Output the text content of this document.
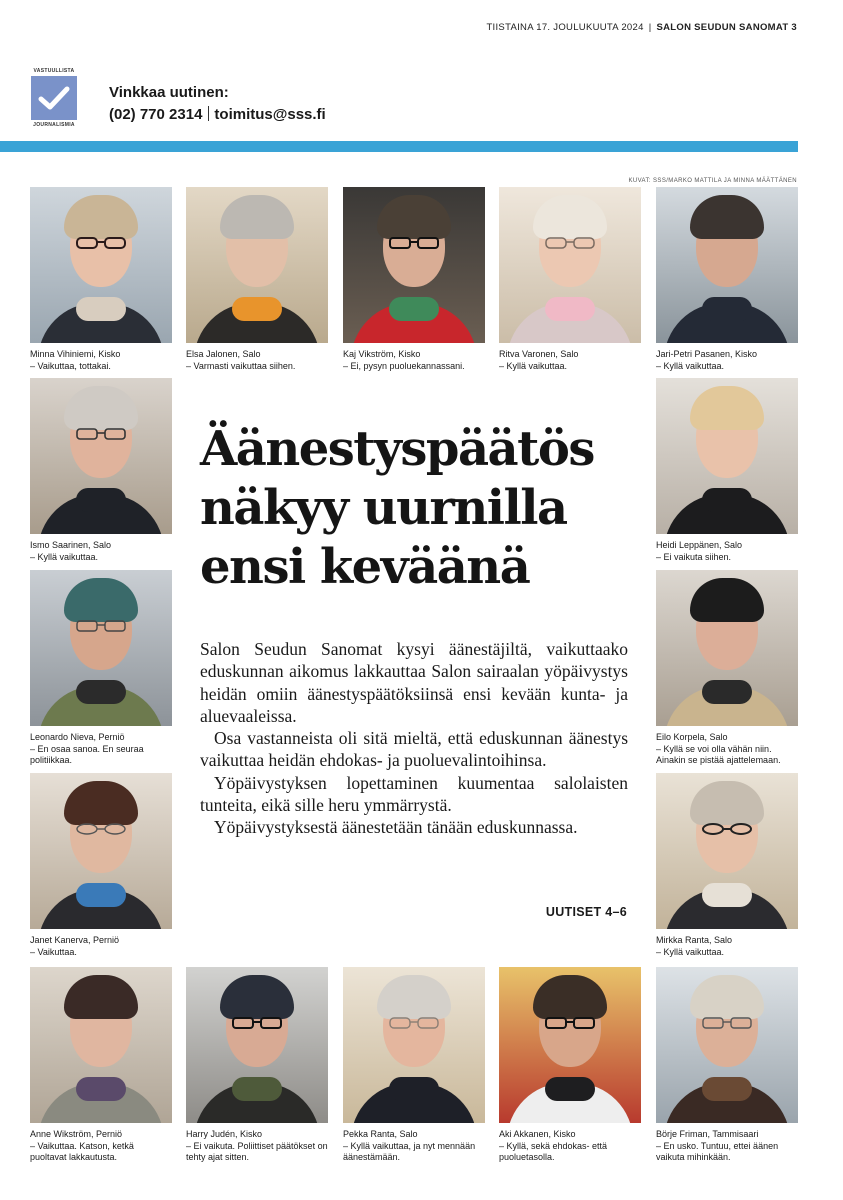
TIISTAINA 17. JOULUKUUTA 2024 | SALON SEUDUN SANOMAT 3
VASTUULLISTA
JOURNALISMIA
Vinkkaa uutinen:
(02) 770 2314 toimitus@sss.fi
KUVAT: SSS/MARKO MATTILA JA MINNA MÄÄTTÄNEN
Minna Vihiniemi, Kisko
– Vaikuttaa, tottakai.
Elsa Jalonen, Salo
– Varmasti vaikuttaa siihen.
Kaj Vikström, Kisko
– Ei, pysyn puoluekannassani.
Ritva Varonen, Salo
– Kyllä vaikuttaa.
Jari-Petri Pasanen, Kisko
– Kyllä vaikuttaa.
Ismo Saarinen, Salo
– Kyllä vaikuttaa.
Heidi Leppänen, Salo
– Ei vaikuta siihen.
Leonardo Nieva, Perniö
– En osaa sanoa. En seuraa politiikkaa.
Eilo Korpela, Salo
– Kyllä se voi olla vähän niin. Ainakin se pistää ajattelemaan.
Janet Kanerva, Perniö
– Vaikuttaa.
Mirkka Ranta, Salo
– Kyllä vaikuttaa.
Anne Wikström, Perniö
– Vaikuttaa. Katson, ketkä puoltavat lakkautusta.
Harry Judén, Kisko
– Ei vaikuta. Poliittiset päätökset on tehty ajat sitten.
Pekka Ranta, Salo
– Kyllä vaikuttaa, ja nyt mennään äänestämään.
Aki Akkanen, Kisko
– Kyllä, sekä ehdokas- että puoluetasolla.
Börje Friman, Tammisaari
– En usko. Tuntuu, ettei äänen vaikuta mihinkään.
Äänestyspäätös näkyy uurnilla ensi keväänä

Salon Seudun Sanomat kysyi äänestäjiltä, vaikuttaako eduskunnan aikomus lakkauttaa Salon sairaalan yöpäivystys heidän omiin äänestyspäätöksiinsä ensi kevään kunta- ja aluevaaleissa.

Osa vastanneista oli sitä mieltä, että eduskunnan äänestys vaikuttaa heidän ehdokas- ja puoluevalintoihinsa.

Yöpäivystyksen lopettaminen kuumentaa salolaisten tunteita, eikä sille heru ymmärrystä.

Yöpäivystyksestä äänestetään tänään eduskunnassa.

UUTISET 4–6
